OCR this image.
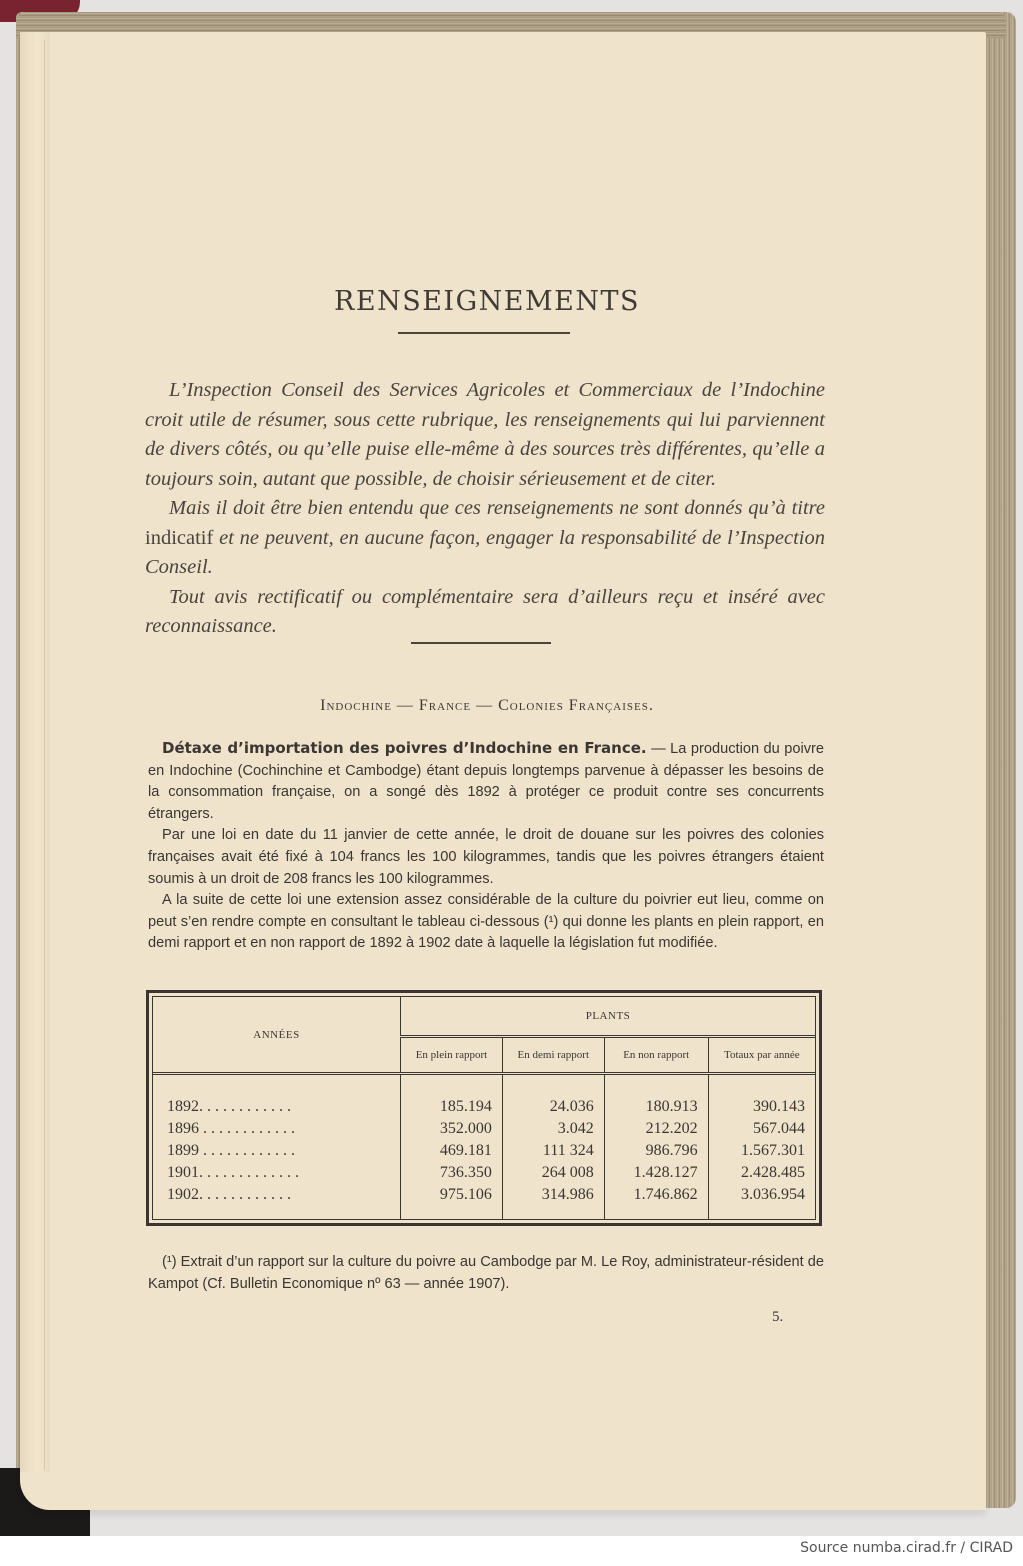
RENSEIGNEMENTS

L’Inspection Conseil des Services Agricoles et Commerciaux de l’Indochine croit utile de résumer, sous cette rubrique, les renseignements qui lui parviennent de divers côtés, ou qu’elle puise elle-même à des sources très différentes, qu’elle a toujours soin, autant que possible, de choisir sérieusement et de citer.

Mais il doit être bien entendu que ces renseignements ne sont donnés qu’à titre indicatif et ne peuvent, en aucune façon, engager la responsabilité de l’Inspection Conseil.

Tout avis rectificatif ou complémentaire sera d’ailleurs reçu et inséré avec reconnaissance.

Indochine — France — Colonies Françaises.

Détaxe d’importation des poivres d’Indochine en France. — La production du poivre en Indochine (Cochinchine et Cambodge) étant depuis longtemps parvenue à dépasser les besoins de la consommation française, on a songé dès 1892 à protéger ce produit contre ses concurrents étrangers.

Par une loi en date du 11 janvier de cette année, le droit de douane sur les poivres des colonies françaises avait été fixé à 104 francs les 100 kilogrammes, tandis que les poivres étrangers étaient soumis à un droit de 208 francs les 100 kilogrammes.

A la suite de cette loi une extension assez considérable de la culture du poivrier eut lieu, comme on peut s’en rendre compte en consultant le tableau ci-dessous (¹) qui donne les plants en plein rapport, en demi rapport et en non rapport de 1892 à 1902 date à laquelle la législation fut modifiée.

ANNÉES	PLANTS			
	En plein rapport	En demi rapport	En non rapport	Totaux par année

1892. . . . . . . . . . . .	185.194	24.036	180.913	390.143
1896 . . . . . . . . . . . .	352.000	3.042	212.202	567.044
1899 . . . . . . . . . . . .	469.181	111 324	986.796	1.567.301
1901. . . . . . . . . . . . .	736.350	264 008	1.428.127	2.428.485
1902. . . . . . . . . . . .	975.106	314.986	1.746.862	3.036.954

(¹) Extrait d’un rapport sur la culture du poivre au Cambodge par M. Le Roy, administrateur-résident de Kampot (Cf. Bulletin Economique nº 63 — année 1907).

5.
Source numba.cirad.fr / CIRAD
